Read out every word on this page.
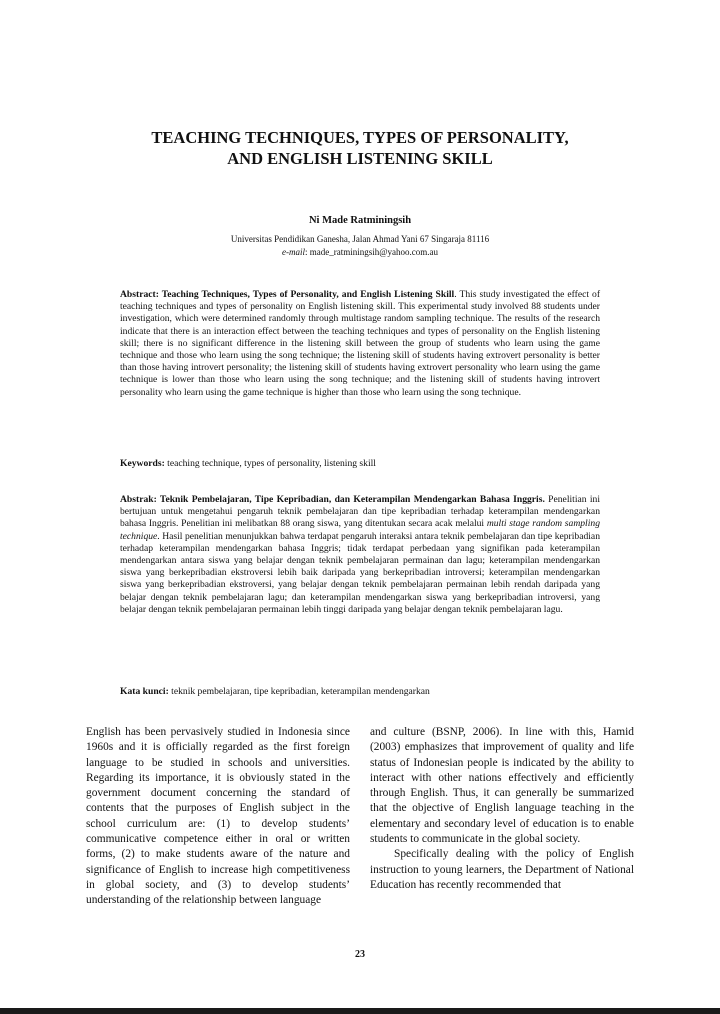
TEACHING TECHNIQUES, TYPES OF PERSONALITY,
AND ENGLISH LISTENING SKILL
Ni Made Ratminingsih
Universitas Pendidikan Ganesha, Jalan Ahmad Yani 67 Singaraja 81116
e-mail: made_ratminingsih@yahoo.com.au

Abstract: Teaching Techniques, Types of Personality, and English Listening Skill. This study investigated the effect of teaching techniques and types of personality on English listening skill. This experimental study involved 88 students under investigation, which were determined randomly through multistage random sampling technique. The results of the research indicate that there is an interaction effect between the teaching techniques and types of personality on the English listening skill; there is no significant difference in the listening skill between the group of students who learn using the game technique and those who learn using the song technique; the listening skill of students having extrovert personality is better than those having introvert personality; the listening skill of students having extrovert personality who learn using the game technique is lower than those who learn using the song technique; and the listening skill of students having introvert personality who learn using the game technique is higher than those who learn using the song technique.

Keywords: teaching technique, types of personality, listening skill

Abstrak: Teknik Pembelajaran, Tipe Kepribadian, dan Keterampilan Mendengarkan Bahasa Inggris. Penelitian ini bertujuan untuk mengetahui pengaruh teknik pembelajaran dan tipe kepribadian terhadap keterampilan mendengarkan bahasa Inggris. Penelitian ini melibatkan 88 orang siswa, yang ditentukan secara acak melalui multi stage random sampling technique. Hasil penelitian menunjukkan bahwa terdapat pengaruh interaksi antara teknik pembelajaran dan tipe kepribadian terhadap keterampilan mendengarkan bahasa Inggris; tidak terdapat perbedaan yang signifikan pada keterampilan mendengarkan antara siswa yang belajar dengan teknik pembelajaran permainan dan lagu; keterampilan mendengarkan siswa yang berkepribadian ekstroversi lebih baik daripada yang berkepribadian introversi; keterampilan mendengarkan siswa yang berkepribadian ekstroversi, yang belajar dengan teknik pembelajaran permainan lebih rendah daripada yang belajar dengan teknik pembelajaran lagu; dan keterampilan mendengarkan siswa yang berkepribadian introversi, yang belajar dengan teknik pembelajaran permainan lebih tinggi daripada yang belajar dengan teknik pembelajaran lagu.

Kata kunci: teknik pembelajaran, tipe kepribadian, keterampilan mendengarkan

English has been pervasively studied in Indonesia since 1960s and it is officially regarded as the first foreign language to be studied in schools and universities. Regarding its importance, it is obviously stated in the government document concerning the standard of contents that the purposes of English subject in the school curriculum are: (1) to develop students’ communicative competence either in oral or written forms, (2) to make students aware of the nature and significance of English to increase high competitiveness in global society, and (3) to develop students’ understanding of the relationship between language

and culture (BSNP, 2006). In line with this, Hamid (2003) emphasizes that improvement of quality and life status of Indonesian people is indicated by the ability to interact with other nations effectively and efficiently through English. Thus, it can generally be summarized that the objective of English language teaching in the elementary and secondary level of education is to enable students to communicate in the global society.

Specifically dealing with the policy of English instruction to young learners, the Department of National Education has recently recommended that

23
